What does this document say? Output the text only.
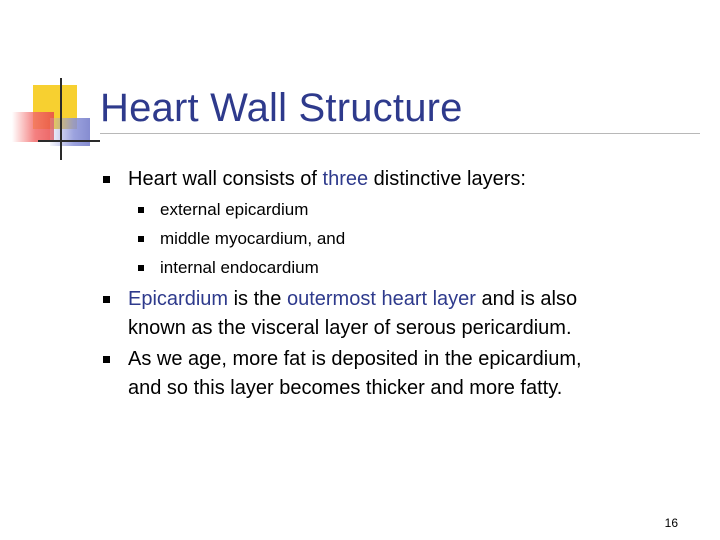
Heart Wall Structure
Heart wall consists of three distinctive layers:
external epicardium
middle myocardium, and
internal endocardium
Epicardium is the outermost heart layer and is also
known as the visceral layer of serous pericardium.
As we age, more fat is deposited in the epicardium,
and so this layer becomes thicker and more fatty.
16
